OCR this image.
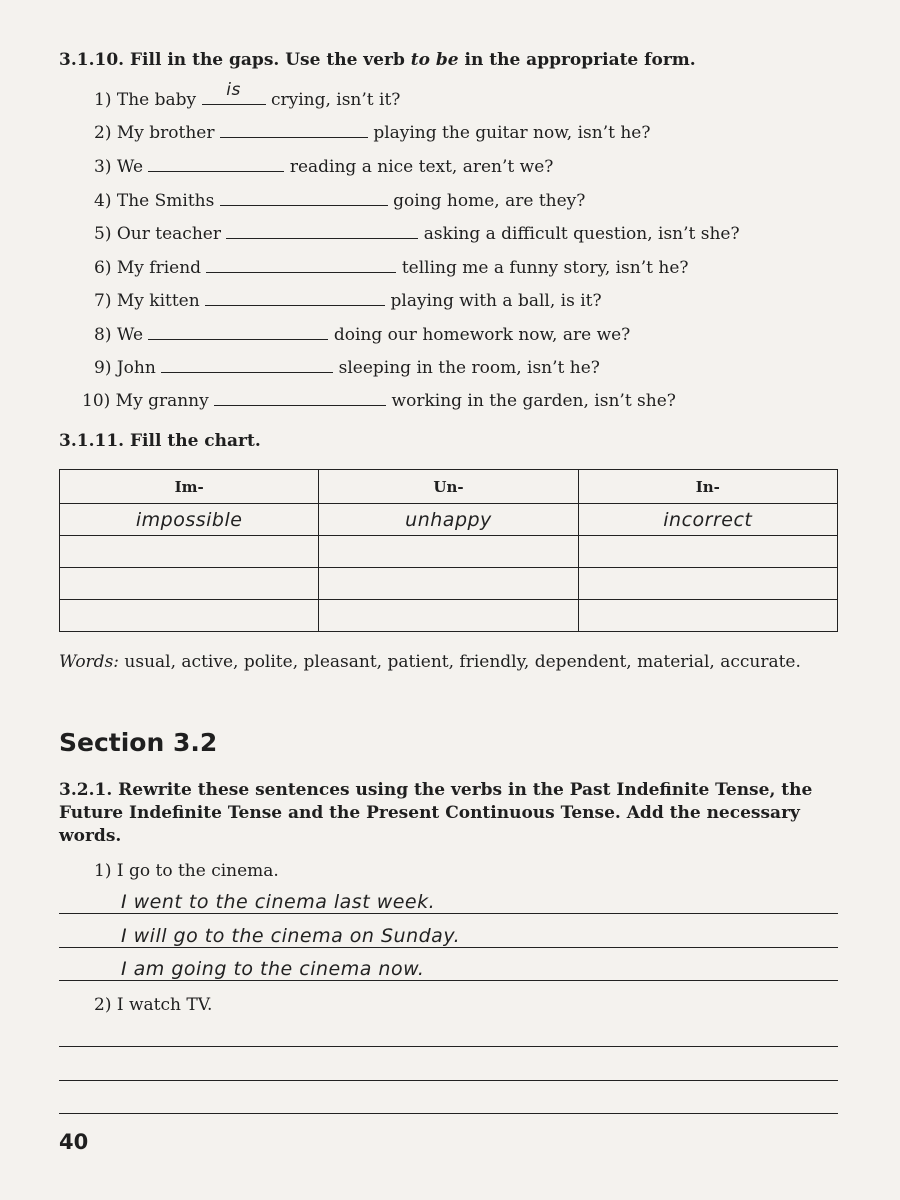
3.1.10. Fill in the gaps. Use the verb to be in the appropriate form.
1) The baby	is	crying, isn’t it?
2) My brother	playing the guitar now, isn’t he?
3) We	reading a nice text, aren’t we?
4) The Smiths	going home, are they?
5) Our teacher	asking a difficult question, isn’t she?
6) My friend	telling me a funny story, isn’t he?
7) My kitten	playing with a ball, is it?
8) We	doing our homework now, are we?
9) John	sleeping in the room, isn’t he?
10) My granny	working in the garden, isn’t she?
3.1.11. Fill the chart.
Im-	Un-	In-
impossible	unhappy	incorrect

Words: usual, active, polite, pleasant, patient, friendly, dependent, material, accurate.
Section 3.2
3.2.1. Rewrite these sentences using the verbs in the Past Indefinite Tense, the Future Indefinite Tense and the Present Continuous Tense. Add the necessary words.
1) I go to the cinema.
I went to the cinema last week.
I will go to the cinema on Sunday.
I am going to the cinema now.
2) I watch TV.
40
